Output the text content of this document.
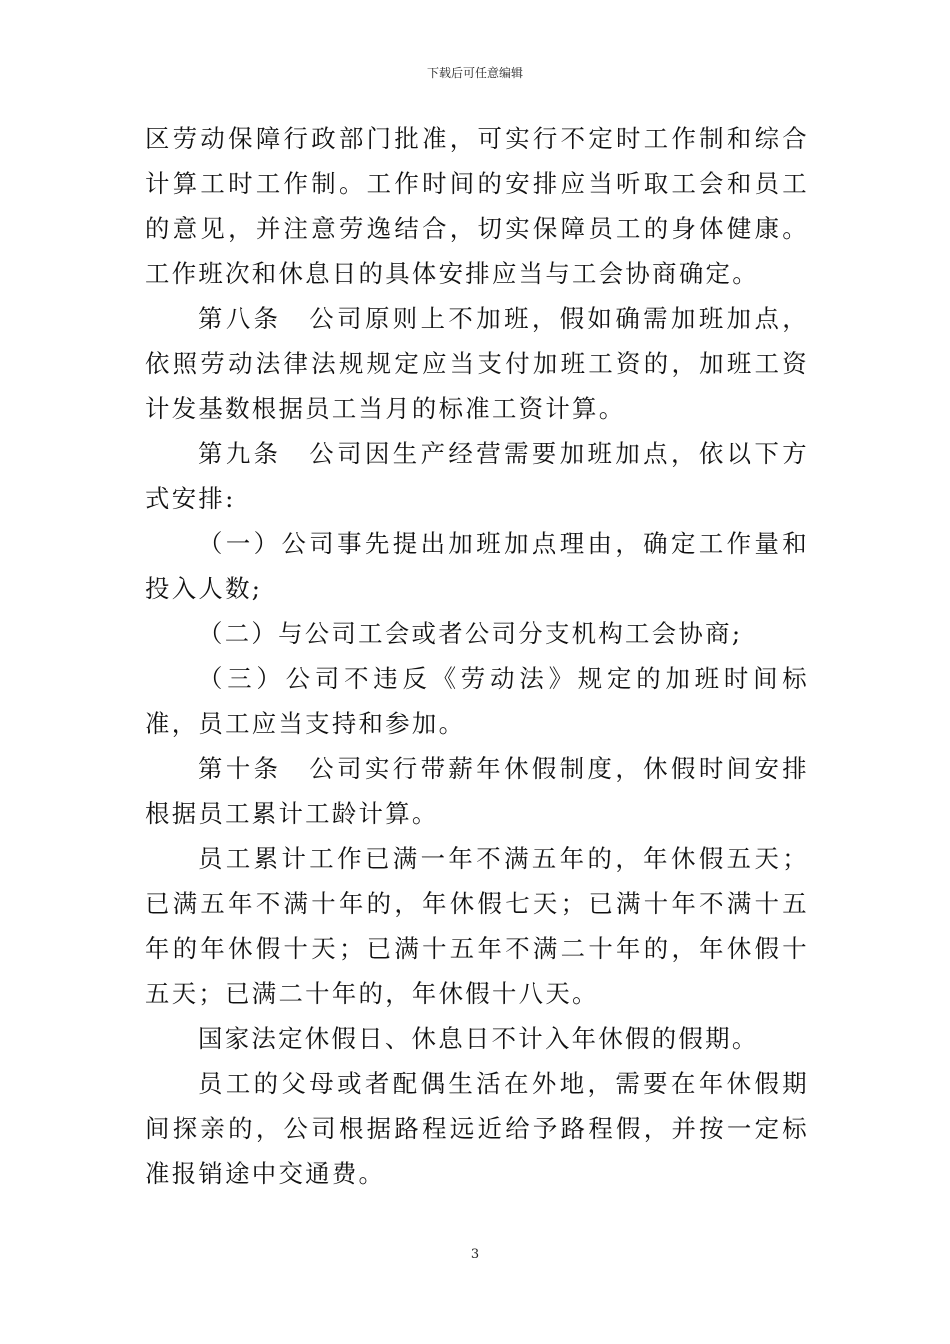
下载后可任意编辑

区劳动保障行政部门批准，可实行不定时工作制和综合计算工时工作制。工作时间的安排应当听取工会和员工的意见，并注意劳逸结合，切实保障员工的身体健康。工作班次和休息日的具体安排应当与工会协商确定。

第八条　公司原则上不加班，假如确需加班加点，依照劳动法律法规规定应当支付加班工资的，加班工资计发基数根据员工当月的标准工资计算。

第九条　公司因生产经营需要加班加点，依以下方式安排:

（一）公司事先提出加班加点理由，确定工作量和投入人数;

（二）与公司工会或者公司分支机构工会协商;

（三）公司不违反《劳动法》规定的加班时间标准，员工应当支持和参加。

第十条　公司实行带薪年休假制度，休假时间安排根据员工累计工龄计算。

员工累计工作已满一年不满五年的，年休假五天；已满五年不满十年的，年休假七天；已满十年不满十五年的年休假十天；已满十五年不满二十年的，年休假十五天；已满二十年的，年休假十八天。

国家法定休假日、休息日不计入年休假的假期。

员工的父母或者配偶生活在外地，需要在年休假期间探亲的，公司根据路程远近给予路程假，并按一定标准报销途中交通费。

3
